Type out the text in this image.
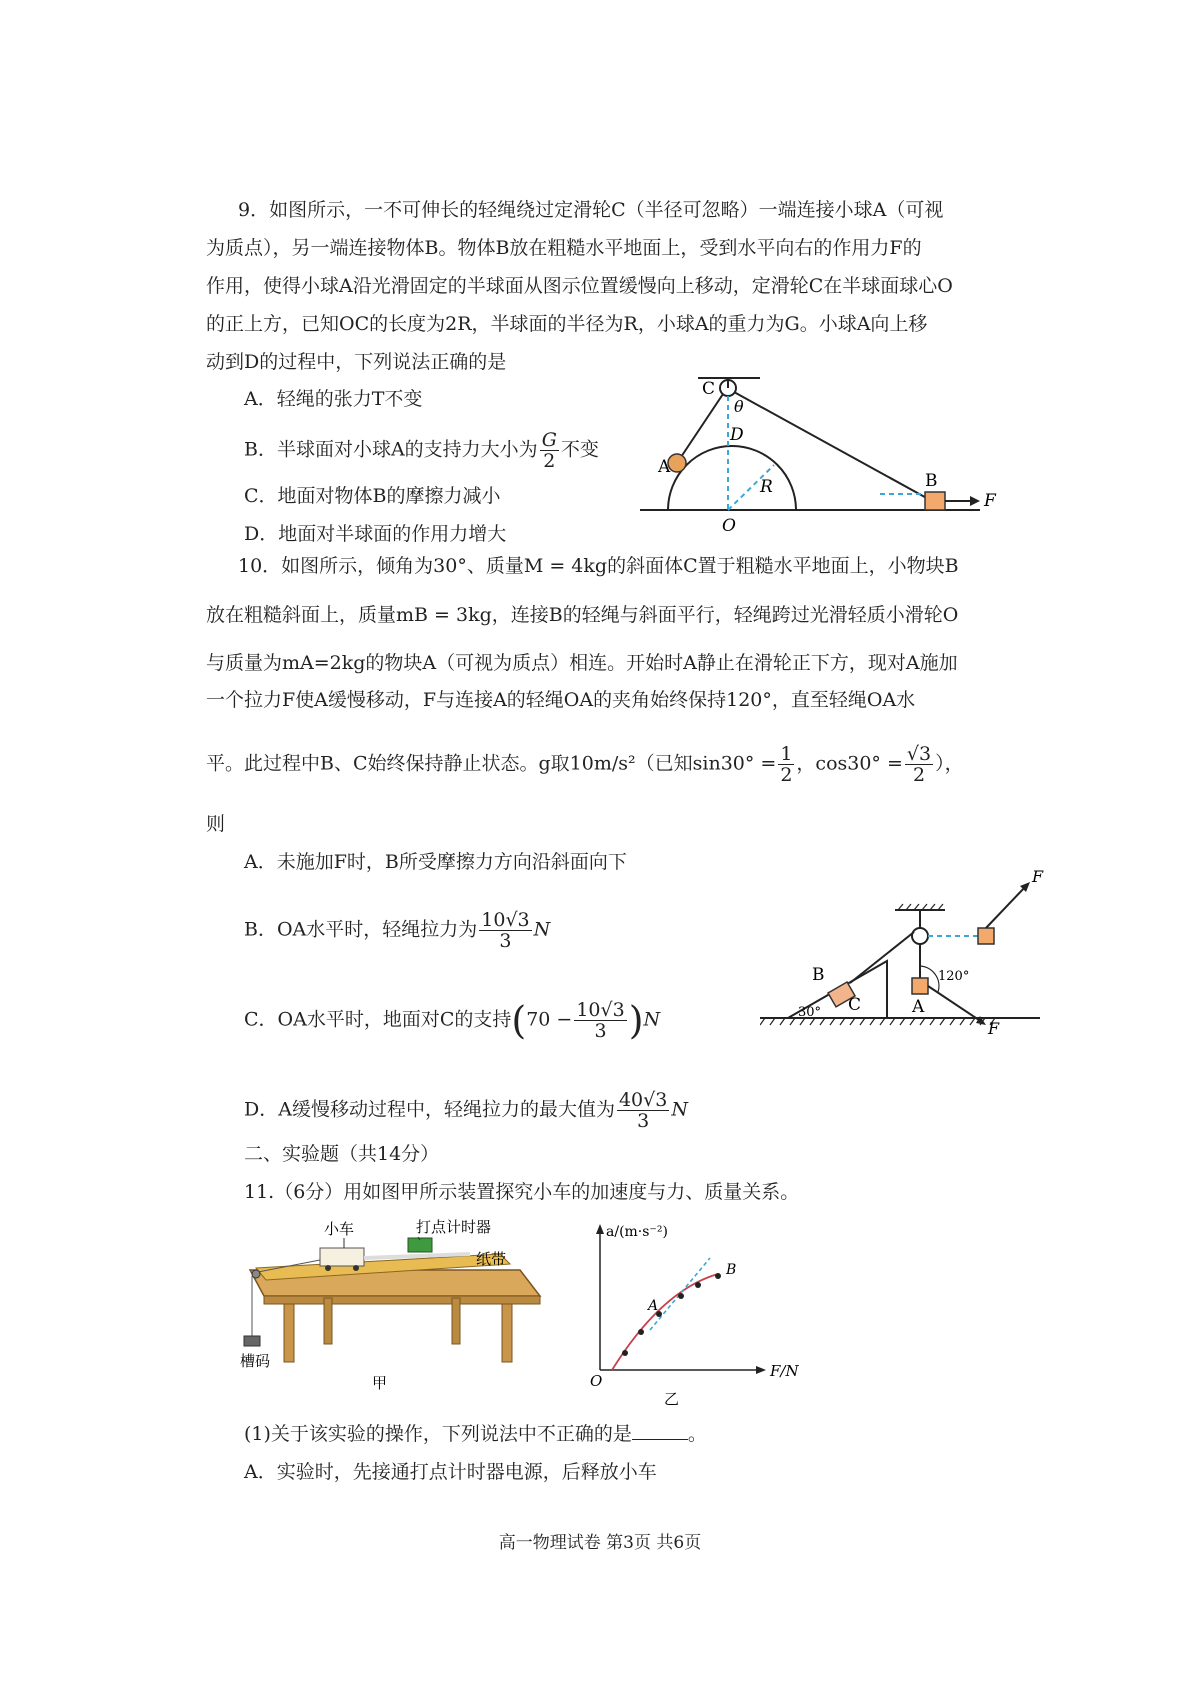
9．如图所示，一不可伸长的轻绳绕过定滑轮C（半径可忽略）一端连接小球A（可视
为质点），另一端连接物体B。物体B放在粗糙水平地面上，受到水平向右的作用力F的
作用，使得小球A沿光滑固定的半球面从图示位置缓慢向上移动，定滑轮C在半球面球心O
的正上方，已知OC的长度为2R，半球面的半径为R，小球A的重力为G。小球A向上移
动到D的过程中，下列说法正确的是
A．轻绳的张力T不变
B．半球面对小球A的支持力大小为 $\frac{G}{2}$ 不变
C．地面对物体B的摩擦力减小
D．地面对半球面的作用力增大
C
θ
D
A
R
O
B
F
10．如图所示，倾角为30°、质量M = 4kg的斜面体C置于粗糙水平地面上，小物块B
放在粗糙斜面上，质量mB = 3kg，连接B的轻绳与斜面平行，轻绳跨过光滑轻质小滑轮O
与质量为mA=2kg的物块A（可视为质点）相连。开始时A静止在滑轮正下方，现对A施加
一个拉力F使A缓慢移动，F与连接A的轻绳OA的夹角始终保持120°，直至轻绳OA水
平。此过程中B、C始终保持静止状态。g取10m/s²（已知$\sin 30^\circ = \frac{1}{2}$ ，$\cos 30^\circ = \frac{√3}{2}$ ），
则
A．未施加F时，B所受摩擦力方向沿斜面向下
B．OA水平时，轻绳拉力为 $\frac{10√3}{3}$ N
C．OA水平时，地面对C的支持$(70 - \frac{10√3}{3} )N$
D．A缓慢移动过程中，轻绳拉力的最大值为 $\frac{40√3}{3}$ N
F
B
C
30°	A
120°
F
二、实验题（共14分）
11.（6分）用如图甲所示装置探究小车的加速度与力、质量关系。
小车	打点计时器
纸带
槽码
甲
a/(m·s⁻²)
F/N
O
A
B
乙
(1)关于该实验的操作，下列说法中不正确的是	。
A．实验时，先接通打点计时器电源，后释放小车
高一物理试卷 第3页 共6页
